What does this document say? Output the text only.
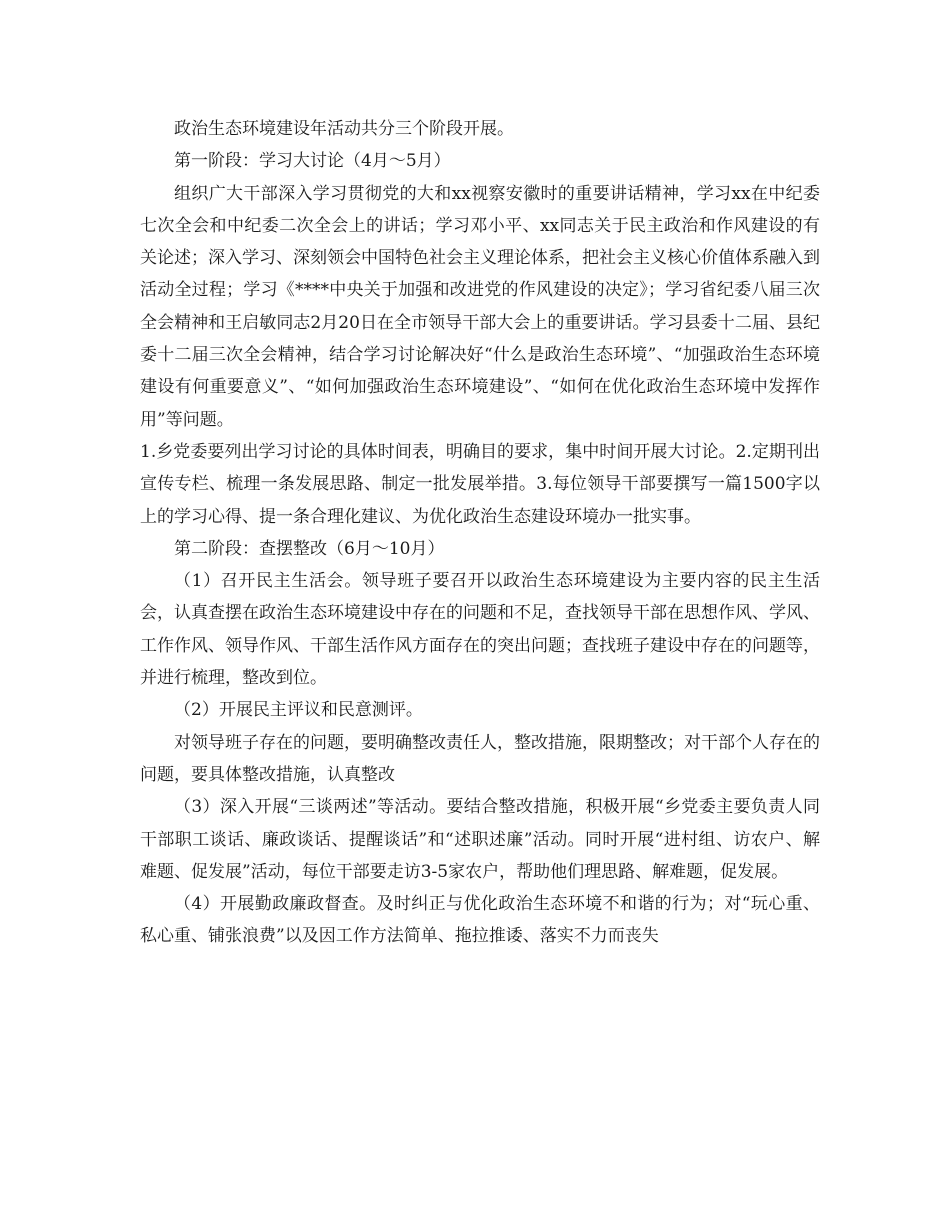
政治生态环境建设年活动共分三个阶段开展。

第一阶段：学习大讨论（4月～5月）

组织广大干部深入学习贯彻党的大和xx视察安徽时的重要讲话精神，学习xx在中纪委七次全会和中纪委二次全会上的讲话；学习邓小平、xx同志关于民主政治和作风建设的有关论述；深入学习、深刻领会中国特色社会主义理论体系，把社会主义核心价值体系融入到活动全过程；学习《****中央关于加强和改进党的作风建设的决定》；学习省纪委八届三次全会精神和王启敏同志2月20日在全市领导干部大会上的重要讲话。学习县委十二届、县纪委十二届三次全会精神，结合学习讨论解决好“什么是政治生态环境”、“加强政治生态环境建设有何重要意义”、“如何加强政治生态环境建设”、“如何在优化政治生态环境中发挥作用”等问题。

1.乡党委要列出学习讨论的具体时间表，明确目的要求，集中时间开展大讨论。2.定期刊出宣传专栏、梳理一条发展思路、制定一批发展举措。3.每位领导干部要撰写一篇1500字以上的学习心得、提一条合理化建议、为优化政治生态建设环境办一批实事。

第二阶段：查摆整改（6月～10月）

（1）召开民主生活会。领导班子要召开以政治生态环境建设为主要内容的民主生活会，认真查摆在政治生态环境建设中存在的问题和不足，查找领导干部在思想作风、学风、工作作风、领导作风、干部生活作风方面存在的突出问题；查找班子建设中存在的问题等，并进行梳理，整改到位。

（2）开展民主评议和民意测评。

对领导班子存在的问题，要明确整改责任人，整改措施，限期整改；对干部个人存在的问题，要具体整改措施，认真整改

（3）深入开展“三谈两述”等活动。要结合整改措施，积极开展“乡党委主要负责人同干部职工谈话、廉政谈话、提醒谈话”和“述职述廉”活动。同时开展“进村组、访农户、解难题、促发展”活动，每位干部要走访3-5家农户，帮助他们理思路、解难题，促发展。

（4）开展勤政廉政督查。及时纠正与优化政治生态环境不和谐的行为；对“玩心重、私心重、铺张浪费”以及因工作方法简单、拖拉推诿、落实不力而丧失
